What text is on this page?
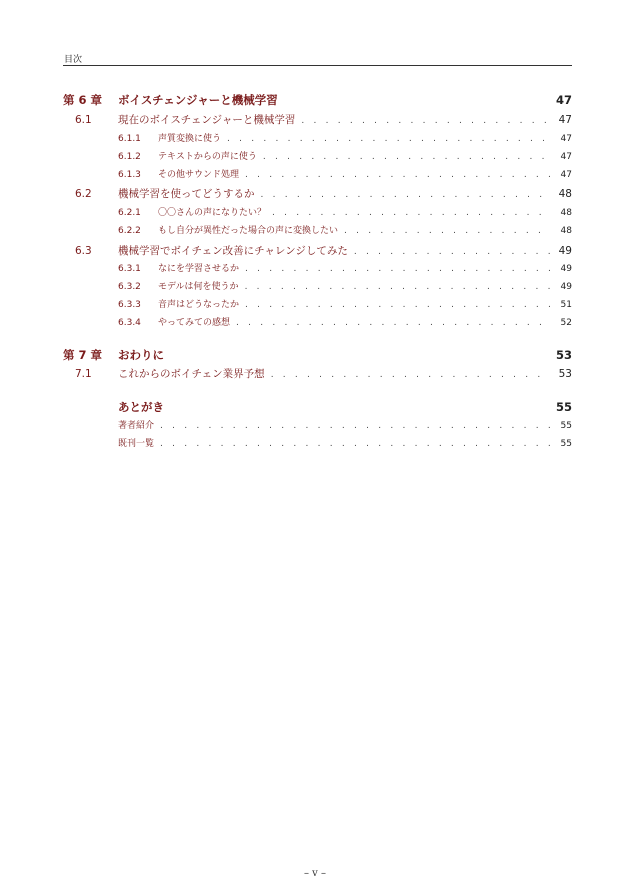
目次
第 6 章	ボイスチェンジャーと機械学習	47
6.1	現在のボイスチェンジャーと機械学習 . . .	47
6.1.1	声質変換に使う . . .	47
6.1.2	テキストからの声に使う . . .	47
6.1.3	その他サウンド処理 . . .	47
6.2	機械学習を使ってどうするか . . .	48
6.2.1	〇〇さんの声になりたい？ . . .	48
6.2.2	もし自分が異性だった場合の声に変換したい . . .	48
6.3	機械学習でボイチェン改善にチャレンジしてみた . . .	49
6.3.1	なにを学習させるか . . .	49
6.3.2	モデルは何を使うか . . .	49
6.3.3	音声はどうなったか . . .	51
6.3.4	やってみての感想 . . .	52
第 7 章	おわりに	53
7.1	これからのボイチェン業界予想 . . .	53
あとがき	55
著者紹介 . . .	55
既刊一覧 . . .	55
– v –
